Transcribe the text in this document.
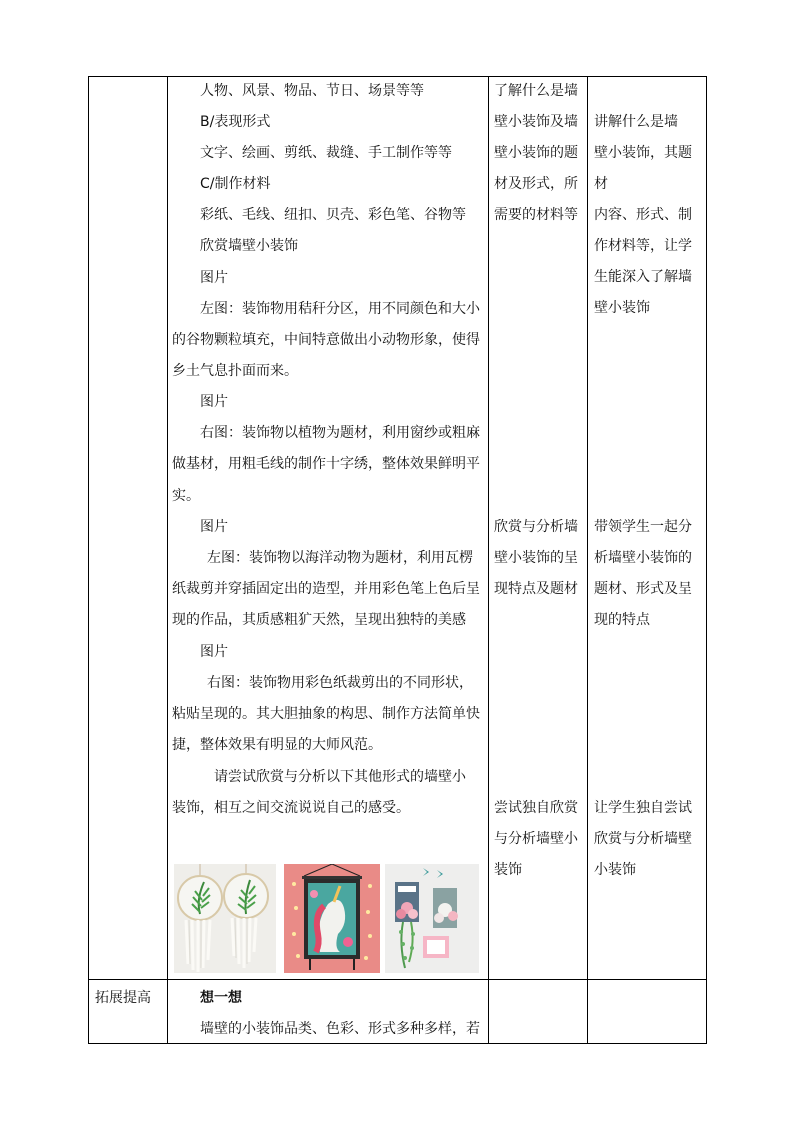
人物、风景、物品、节日、场景等等
B/表现形式
文字、绘画、剪纸、裁缝、手工制作等等
C/制作材料
彩纸、毛线、纽扣、贝壳、彩色笔、谷物等
欣赏墙壁小装饰
图片
左图：装饰物用秸秆分区，用不同颜色和大小
的谷物颗粒填充，中间特意做出小动物形象，使得
乡土气息扑面而来。
图片
右图：装饰物以植物为题材，利用窗纱或粗麻
做基材，用粗毛线的制作十字绣，整体效果鲜明平
实。
图片
左图：装饰物以海洋动物为题材，利用瓦楞
纸裁剪并穿插固定出的造型，并用彩色笔上色后呈
现的作品，其质感粗犷天然，呈现出独特的美感
图片
右图：装饰物用彩色纸裁剪出的不同形状，
粘贴呈现的。其大胆抽象的构思、制作方法简单快
捷，整体效果有明显的大师风范。
请尝试欣赏与分析以下其他形式的墙壁小
装饰，相互之间交流说说自己的感受。
了解什么是墙
壁小装饰及墙
壁小装饰的题
材及形式，所
需要的材料等
欣赏与分析墙
壁小装饰的呈
现特点及题材
尝试独自欣赏
与分析墙壁小
装饰
讲解什么是墙
壁小装饰，其题材
内容、形式、制
作材料等，让学
生能深入了解墙
壁小装饰
带领学生一起分
析墙壁小装饰的
题材、形式及呈
现的特点
让学生独自尝试
欣赏与分析墙壁
小装饰
拓展提高	想一想
墙壁的小装饰品类、色彩、形式多种多样，若
